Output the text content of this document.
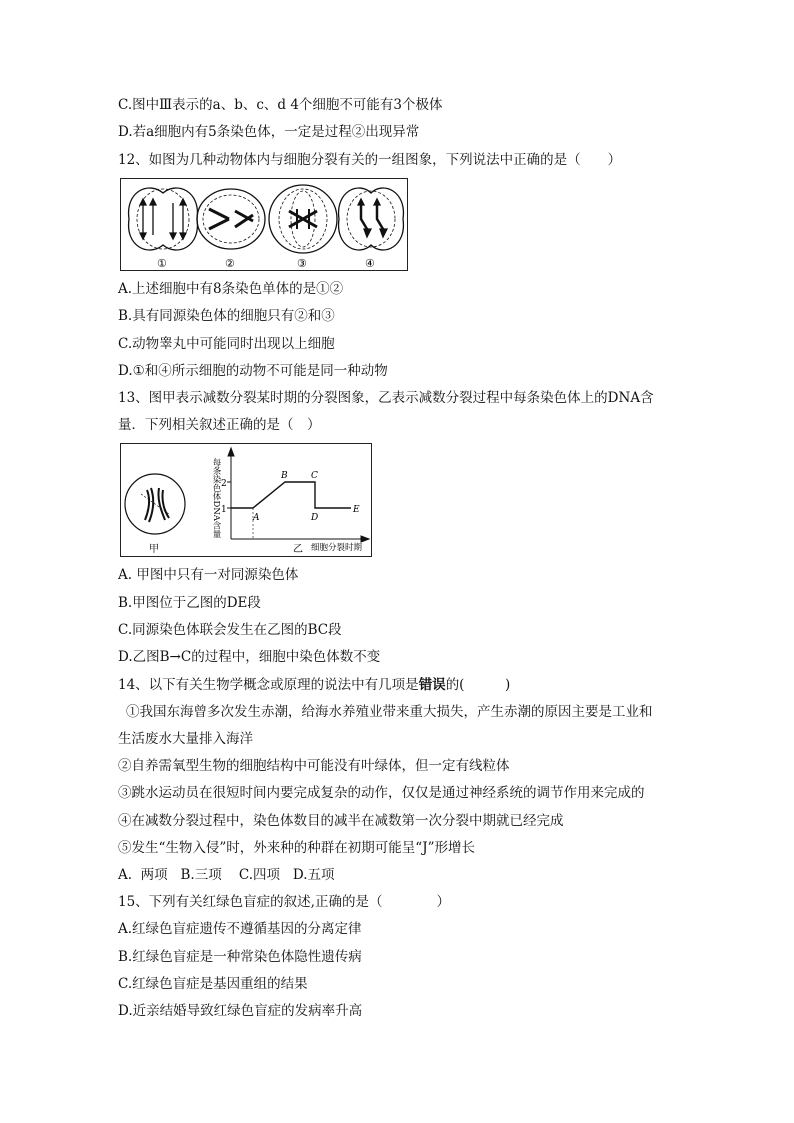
C.图中Ⅲ表示的a、b、c、d 4个细胞不可能有3个极体
D.若a细胞内有5条染色体，一定是过程②出现异常
12、如图为几种动物体内与细胞分裂有关的一组图象，下列说法中正确的是（　　）
①	②	③	④
A.上述细胞中有8条染色单体的是①②
B.具有同源染色体的细胞只有②和③
C.动物睾丸中可能同时出现以上细胞
D.①和④所示细胞的动物不可能是同一种动物
13、图甲表示减数分裂某时期的分裂图象，乙表示减数分裂过程中每条染色体上的DNA含
量．下列相关叙述正确的是（　）
甲
每条染色体DNA含量 2
1
A
B	C
D
E
乙 细胞分裂时期
A. 甲图中只有一对同源染色体
B.甲图位于乙图的DE段
C.同源染色体联会发生在乙图的BC段
D.乙图B→C的过程中，细胞中染色体数不变
14、以下有关生物学概念或原理的说法中有几项是错误的(　　　)
①我国东海曾多次发生赤潮，给海水养殖业带来重大损失，产生赤潮的原因主要是工业和
生活废水大量排入海洋
②自养需氧型生物的细胞结构中可能没有叶绿体，但一定有线粒体
③跳水运动员在很短时间内要完成复杂的动作，仅仅是通过神经系统的调节作用来完成的
④在减数分裂过程中，染色体数目的减半在减数第一次分裂中期就已经完成
⑤发生“生物入侵”时，外来种的种群在初期可能呈“J”形增长
A.  两项   B.三项    C.四项   D.五项
15、下列有关红绿色盲症的叙述,正确的是（　　　　）
A.红绿色盲症遗传不遵循基因的分离定律
B.红绿色盲症是一种常染色体隐性遗传病
C.红绿色盲症是基因重组的结果
D.近亲结婚导致红绿色盲症的发病率升高
